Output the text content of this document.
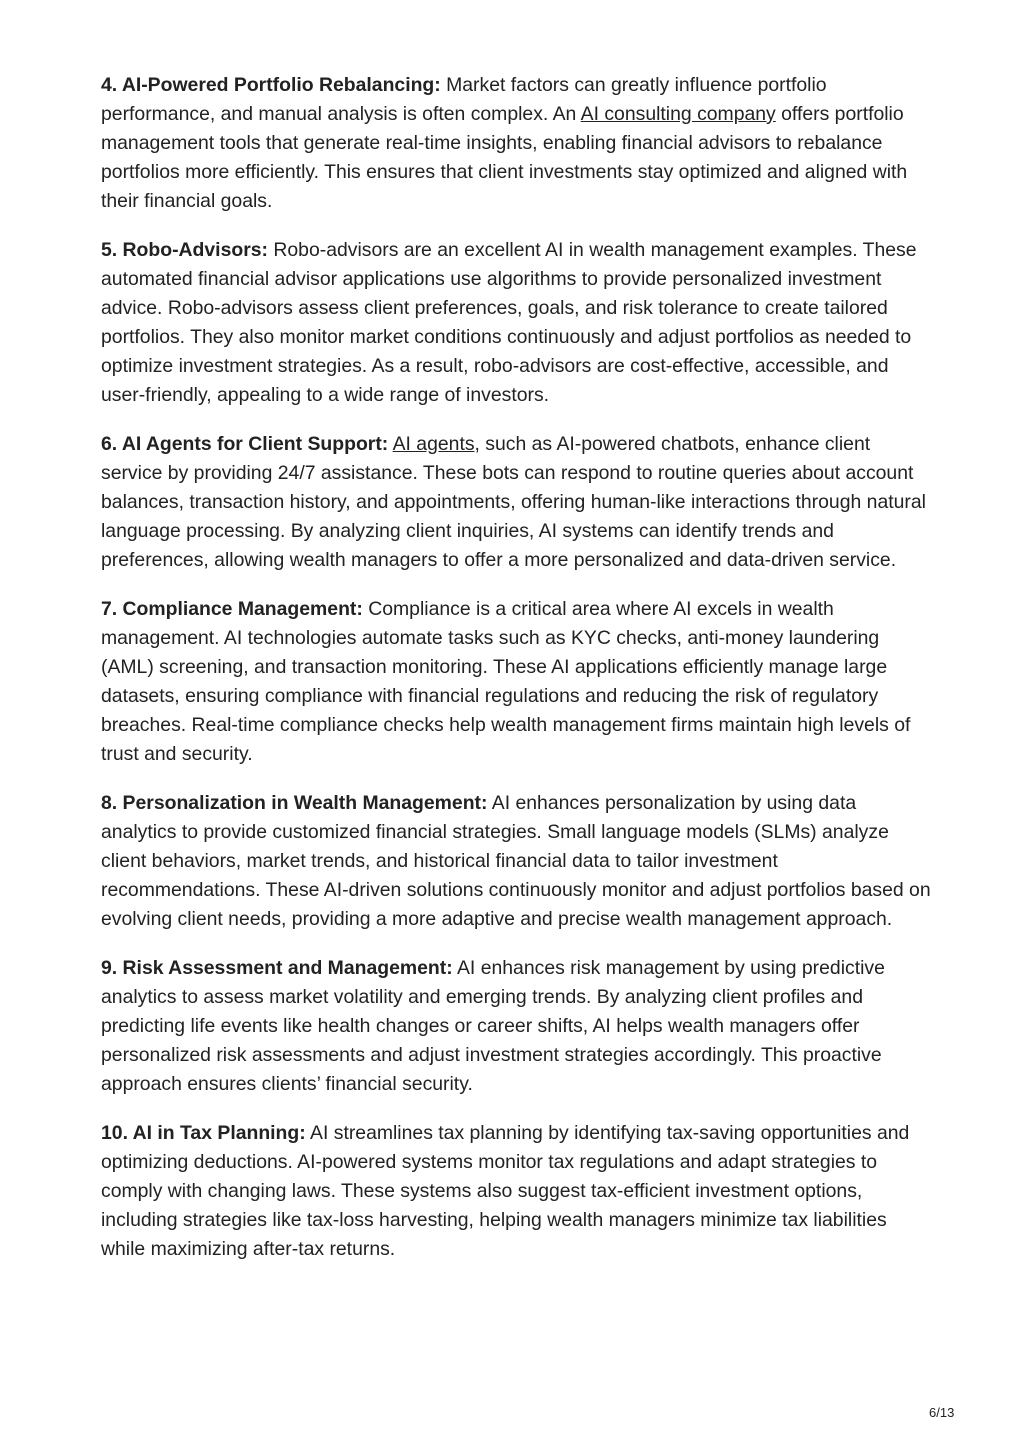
4. AI-Powered Portfolio Rebalancing: Market factors can greatly influence portfolio performance, and manual analysis is often complex. An AI consulting company offers portfolio management tools that generate real-time insights, enabling financial advisors to rebalance portfolios more efficiently. This ensures that client investments stay optimized and aligned with their financial goals.

5. Robo-Advisors: Robo-advisors are an excellent AI in wealth management examples. These automated financial advisor applications use algorithms to provide personalized investment advice. Robo-advisors assess client preferences, goals, and risk tolerance to create tailored portfolios. They also monitor market conditions continuously and adjust portfolios as needed to optimize investment strategies. As a result, robo-advisors are cost-effective, accessible, and user-friendly, appealing to a wide range of investors.

6. AI Agents for Client Support: AI agents, such as AI-powered chatbots, enhance client service by providing 24/7 assistance. These bots can respond to routine queries about account balances, transaction history, and appointments, offering human-like interactions through natural language processing. By analyzing client inquiries, AI systems can identify trends and preferences, allowing wealth managers to offer a more personalized and data-driven service.

7. Compliance Management: Compliance is a critical area where AI excels in wealth management. AI technologies automate tasks such as KYC checks, anti-money laundering (AML) screening, and transaction monitoring. These AI applications efficiently manage large datasets, ensuring compliance with financial regulations and reducing the risk of regulatory breaches. Real-time compliance checks help wealth management firms maintain high levels of trust and security.

8. Personalization in Wealth Management: AI enhances personalization by using data analytics to provide customized financial strategies. Small language models (SLMs) analyze client behaviors, market trends, and historical financial data to tailor investment recommendations. These AI-driven solutions continuously monitor and adjust portfolios based on evolving client needs, providing a more adaptive and precise wealth management approach.

9. Risk Assessment and Management: AI enhances risk management by using predictive analytics to assess market volatility and emerging trends. By analyzing client profiles and predicting life events like health changes or career shifts, AI helps wealth managers offer personalized risk assessments and adjust investment strategies accordingly. This proactive approach ensures clients’ financial security.

10. AI in Tax Planning: AI streamlines tax planning by identifying tax-saving opportunities and optimizing deductions. AI-powered systems monitor tax regulations and adapt strategies to comply with changing laws. These systems also suggest tax-efficient investment options, including strategies like tax-loss harvesting, helping wealth managers minimize tax liabilities while maximizing after-tax returns.

6/13
